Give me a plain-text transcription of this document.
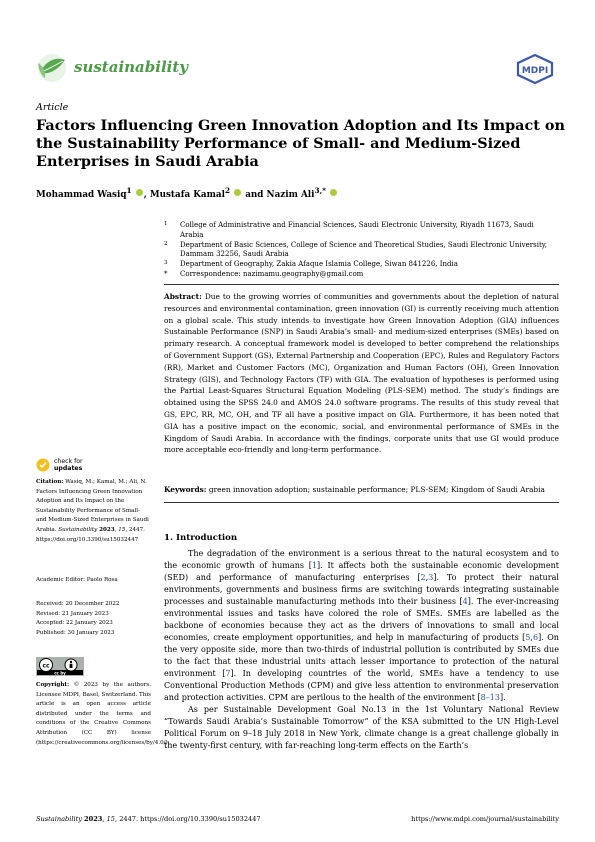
sustainability	MDPI
Article
Factors Influencing Green Innovation Adoption and Its Impact on the Sustainability Performance of Small- and Medium-Sized Enterprises in Saudi Arabia
Mohammad Wasiq$^1$ , Mustafa Kamal$^2$ and Nazim Ali$^{3,*}$
1 College of Administrative and Financial Sciences, Saudi Electronic University, Riyadh 11673, Saudi Arabia
2 Department of Basic Sciences, College of Science and Theoretical Studies, Saudi Electronic University, Dammam 32256, Saudi Arabia
3 Department of Geography, Zakia Afaque Islamia College, Siwan 841226, India
* Correspondence: nazimamu.geography@gmail.com
Abstract: Due to the growing worries of communities and governments about the depletion of natural resources and environmental contamination, green innovation (GI) is currently receiving much attention on a global scale. This study intends to investigate how Green Innovation Adoption (GIA) influences Sustainable Performance (SNP) in Saudi Arabia’s small- and medium-sized enterprises (SMEs) based on primary research. A conceptual framework model is developed to better comprehend the relationships of Government Support (GS), External Partnership and Cooperation (EPC), Rules and Regulatory Factors (RR), Market and Customer Factors (MC), Organization and Human Factors (OH), Green Innovation Strategy (GIS), and Technology Factors (TF) with GIA. The evaluation of hypotheses is performed using the Partial Least-Squares Structural Equation Modeling (PLS-SEM) method. The study’s findings are obtained using the SPSS 24.0 and AMOS 24.0 software programs. The results of this study reveal that GS, EPC, RR, MC, OH, and TF all have a positive impact on GIA. Furthermore, it has been noted that GIA has a positive impact on the economic, social, and environmental performance of SMEs in the Kingdom of Saudi Arabia. In accordance with the findings, corporate units that use GI would produce more acceptable eco-friendly and long-term performance.
Keywords: green innovation adoption; sustainable performance; PLS-SEM; Kingdom of Saudi Arabia
check for
updates
Citation: Wasiq, M.; Kamal, M.; Ali, N. Factors Influencing Green Innovation Adoption and Its Impact on the Sustainability Performance of Small- and Medium-Sized Enterprises in Saudi Arabia. Sustainability 2023, 15, 2447. https://doi.org/10.3390/su15032447
Academic Editor: Paolo Rosa
Received: 20 December 2022
Revised: 21 January 2023
Accepted: 22 January 2023
Published: 30 January 2023
cc
cc by
Copyright: © 2023 by the authors. Licensee MDPI, Basel, Switzerland. This article is an open access article distributed under the terms and conditions of the Creative Commons Attribution (CC BY) license (https://creativecommons.org/licenses/by/4.0/).
1. Introduction

The degradation of the environment is a serious threat to the natural ecosystem and to the economic growth of humans [1]. It affects both the sustainable economic development (SED) and performance of manufacturing enterprises [2,3]. To protect their natural environments, governments and business firms are switching towards integrating sustainable processes and sustainable manufacturing methods into their business [4]. The ever-increasing environmental issues and tasks have colored the role of SMEs. SMEs are labelled as the backbone of economies because they act as the drivers of innovations to small and local economies, create employment opportunities, and help in manufacturing of products [5,6]. On the very opposite side, more than two-thirds of industrial pollution is contributed by SMEs due to the fact that these industrial units attach lesser importance to protection of the natural environment [7]. In developing countries of the world, SMEs have a tendency to use Conventional Production Methods (CPM) and give less attention to environmental preservation and protection activities. CPM are perilous to the health of the environment [8–13].

As per Sustainable Development Goal No.13 in the 1st Voluntary National Review “Towards Saudi Arabia’s Sustainable Tomorrow” of the KSA submitted to the UN High-Level Political Forum on 9–18 July 2018 in New York, climate change is a great challenge globally in the twenty-first century, with far-reaching long-term effects on the Earth’s

Sustainability 2023, 15, 2447. https://doi.org/10.3390/su15032447	https://www.mdpi.com/journal/sustainability
